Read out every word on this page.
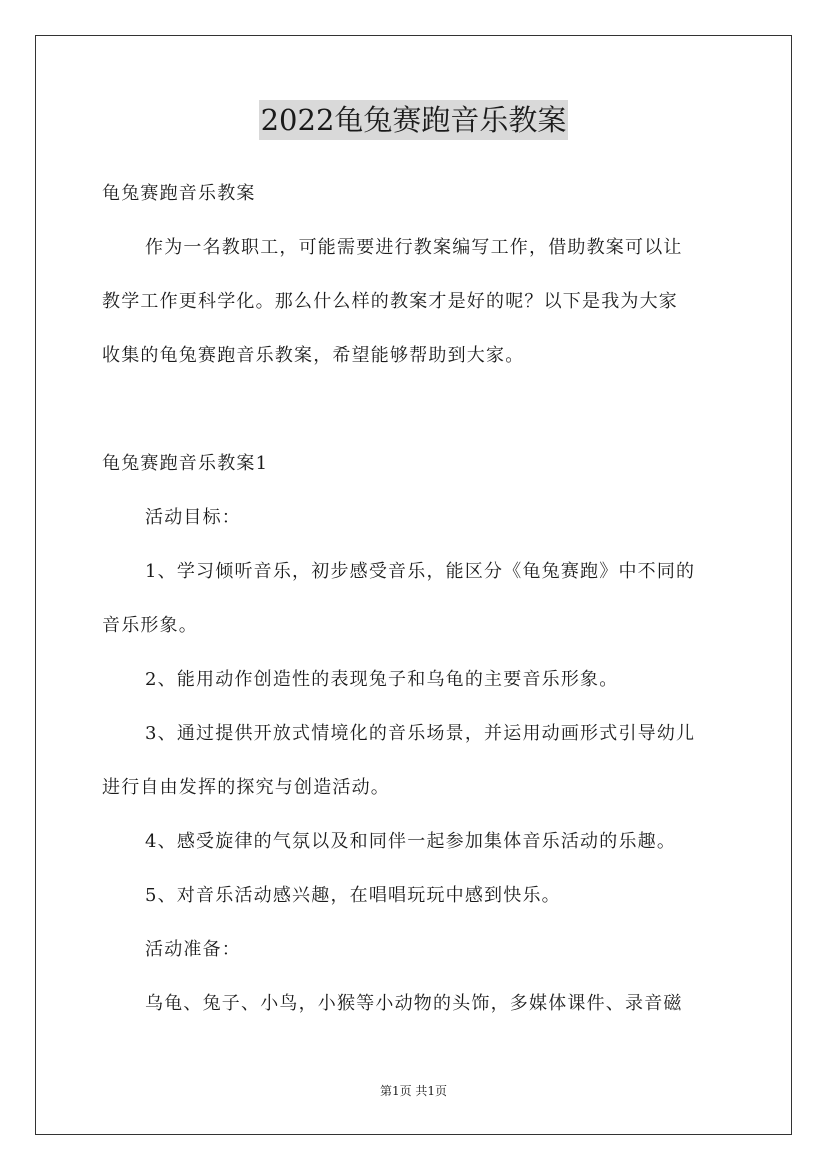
2022龟兔赛跑音乐教案
龟兔赛跑音乐教案
作为一名教职工，可能需要进行教案编写工作，借助教案可以让
教学工作更科学化。那么什么样的教案才是好的呢？以下是我为大家
收集的龟兔赛跑音乐教案，希望能够帮助到大家。
龟兔赛跑音乐教案1
活动目标：
1、学习倾听音乐，初步感受音乐，能区分《龟兔赛跑》中不同的
音乐形象。
2、能用动作创造性的表现兔子和乌龟的主要音乐形象。
3、通过提供开放式情境化的音乐场景，并运用动画形式引导幼儿
进行自由发挥的探究与创造活动。
4、感受旋律的气氛以及和同伴一起参加集体音乐活动的乐趣。
5、对音乐活动感兴趣，在唱唱玩玩中感到快乐。
活动准备：
乌龟、兔子、小鸟，小猴等小动物的头饰，多媒体课件、录音磁
第1页 共1页
